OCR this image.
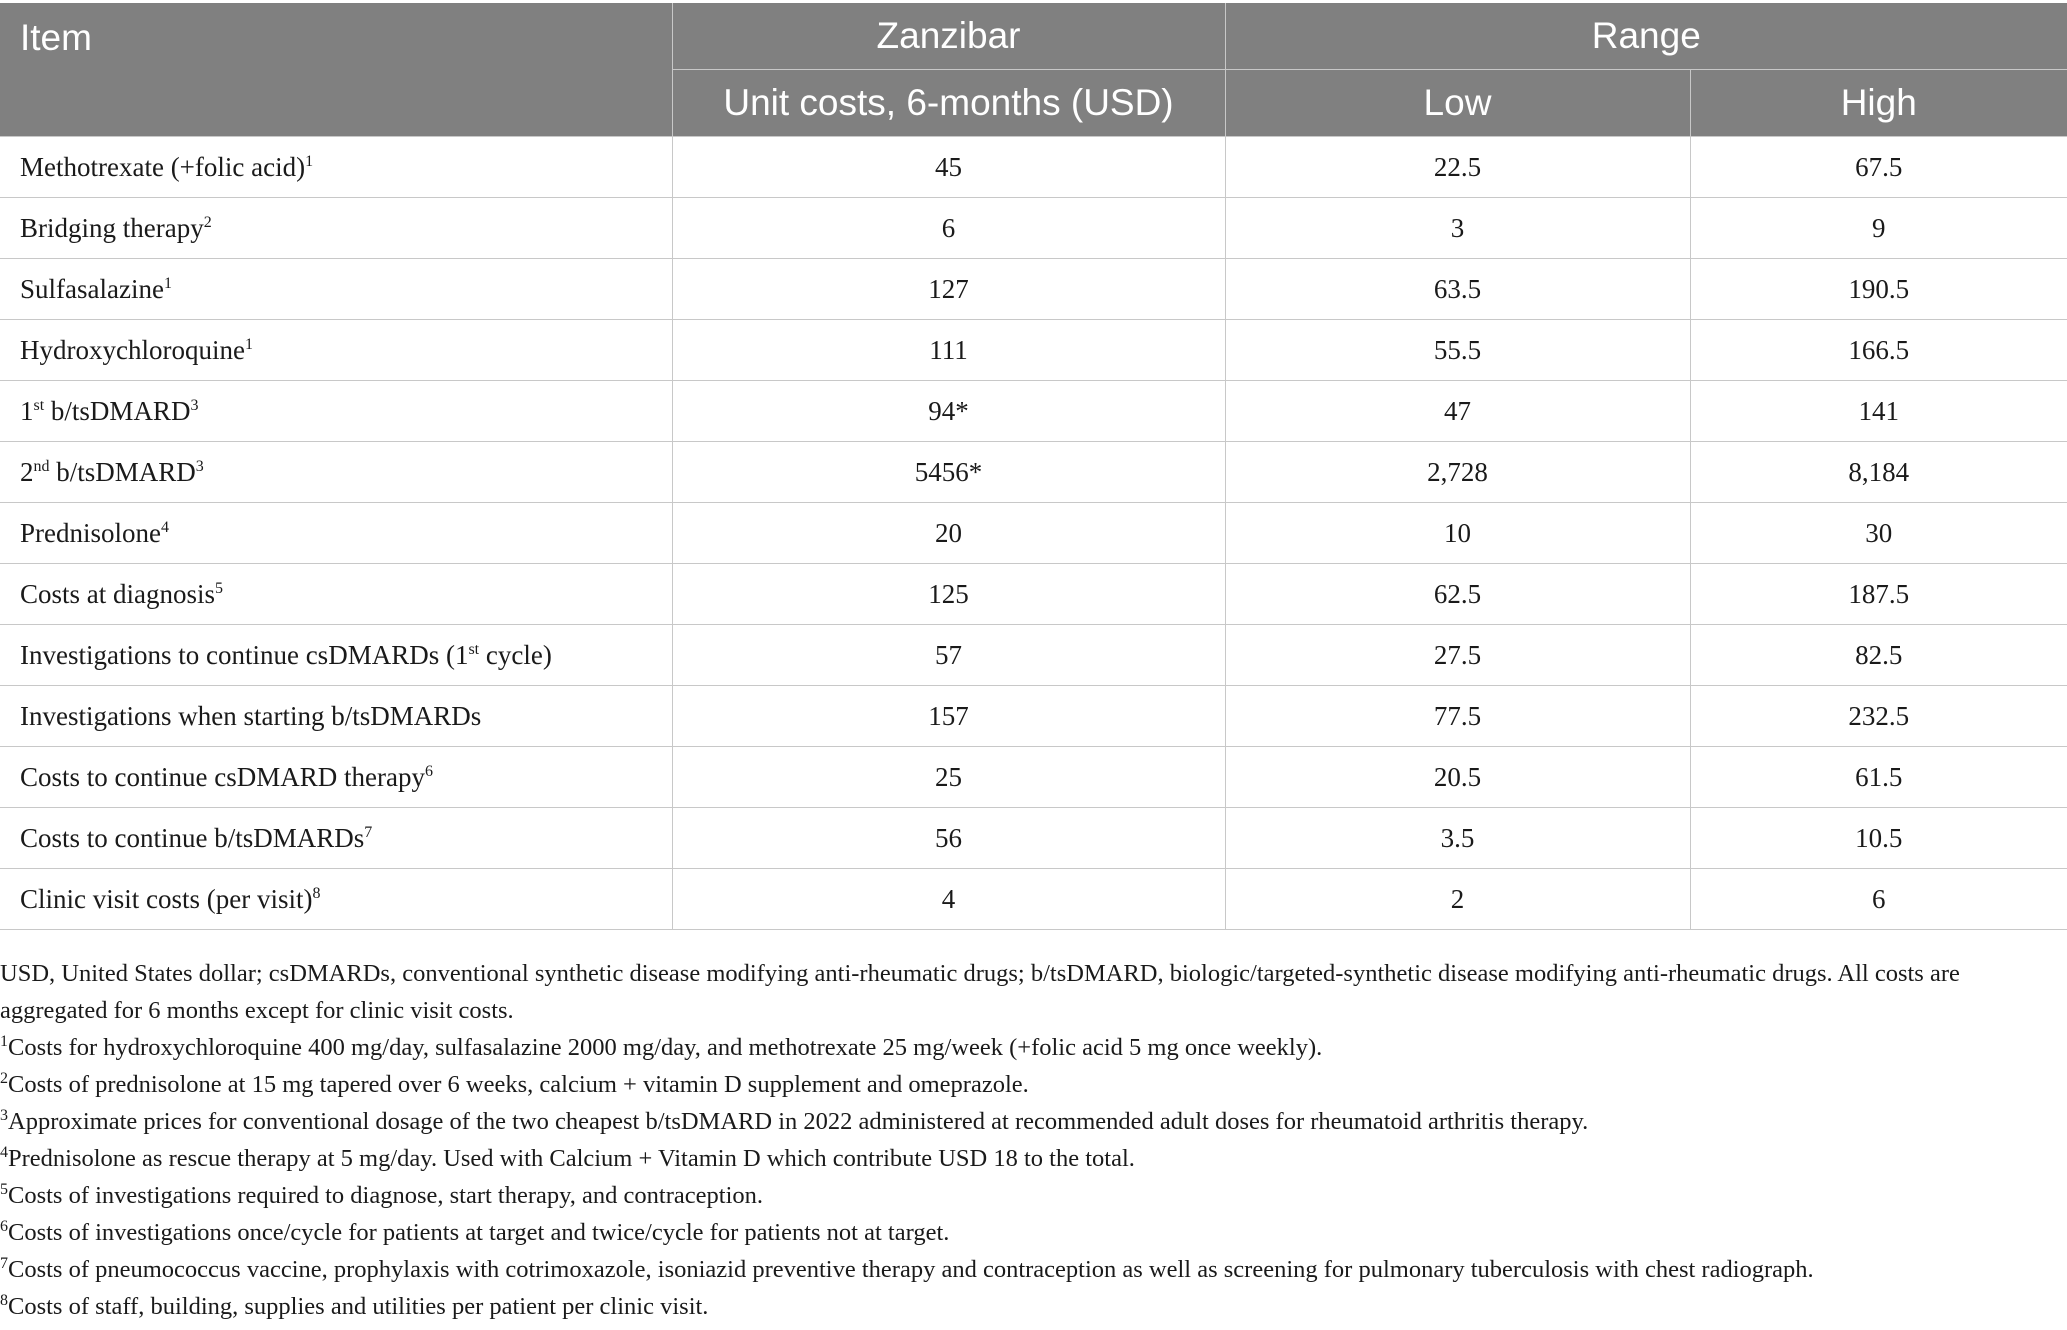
Item	Zanzibar	Range	
	Unit costs, 6-months (USD)	Low	High
Methotrexate (+folic acid)$^1$	45	22.5	67.5
Bridging therapy$^2$	6	3	9
Sulfasalazine$^1$	127	63.5	190.5
Hydroxychloroquine$^1$	111	55.5	166.5
1st b/tsDMARD$^3$	94*	47	141
2nd b/tsDMARD$^3$	5456*	2,728	8,184
Prednisolone$^4$	20	10	30
Costs at diagnosis$^5$	125	62.5	187.5
Investigations to continue csDMARDs (1st cycle)	57	27.5	82.5
Investigations when starting b/tsDMARDs	157	77.5	232.5
Costs to continue csDMARD therapy$^6$	25	20.5	61.5
Costs to continue b/tsDMARDs$^7$	56	3.5	10.5
Clinic visit costs (per visit)$^8$	4	2	6

USD, United States dollar; csDMARDs, conventional synthetic disease modifying anti-rheumatic drugs; b/tsDMARD, biologic/targeted-synthetic disease modifying anti-rheumatic drugs. All costs are aggregated for 6 months except for clinic visit costs.

$^1$Costs for hydroxychloroquine 400 mg/day, sulfasalazine 2000 mg/day, and methotrexate 25 mg/week (+folic acid 5 mg once weekly).

$^2$Costs of prednisolone at 15 mg tapered over 6 weeks, calcium + vitamin D supplement and omeprazole.

$^3$Approximate prices for conventional dosage of the two cheapest b/tsDMARD in 2022 administered at recommended adult doses for rheumatoid arthritis therapy.

$^4$Prednisolone as rescue therapy at 5 mg/day. Used with Calcium + Vitamin D which contribute USD 18 to the total.

$^5$Costs of investigations required to diagnose, start therapy, and contraception.

$^6$Costs of investigations once/cycle for patients at target and twice/cycle for patients not at target.

$^7$Costs of pneumococcus vaccine, prophylaxis with cotrimoxazole, isoniazid preventive therapy and contraception as well as screening for pulmonary tuberculosis with chest radiograph.

$^8$Costs of staff, building, supplies and utilities per patient per clinic visit.
